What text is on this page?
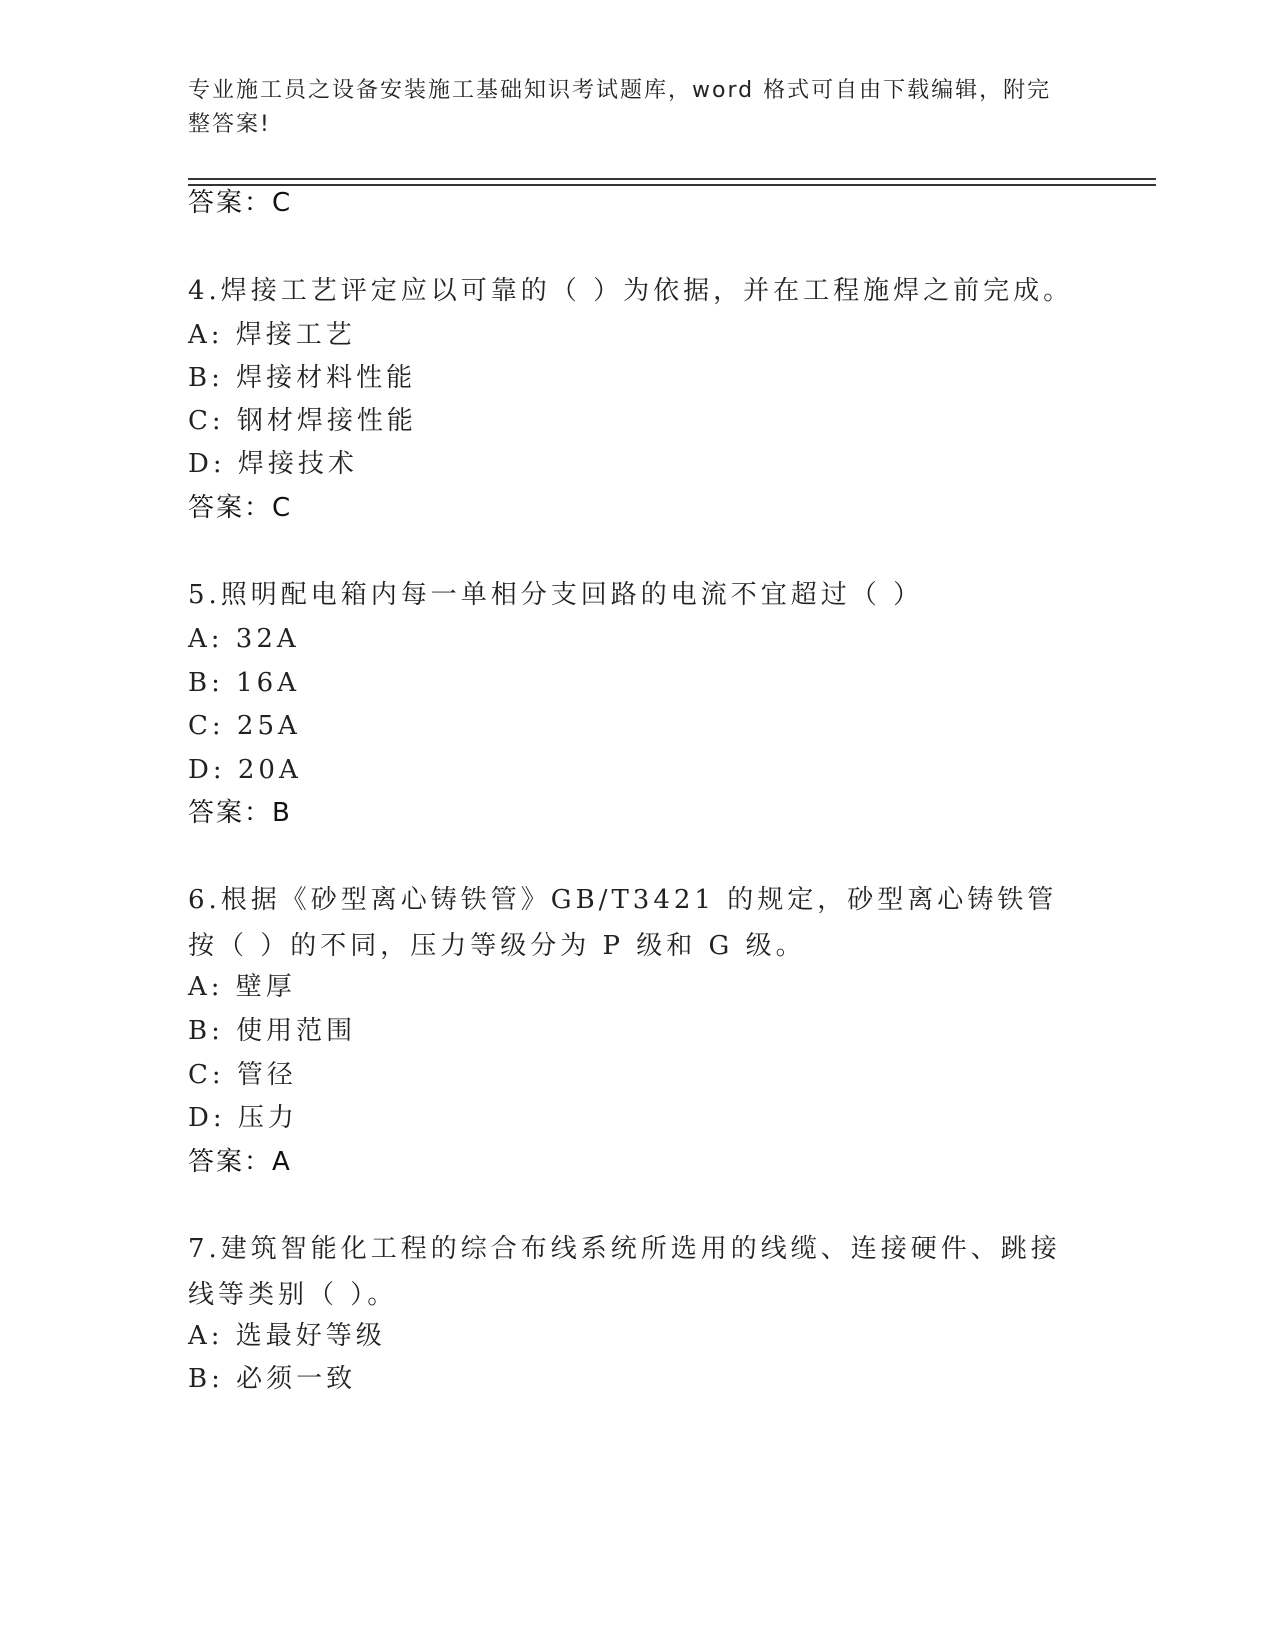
专业施工员之设备安装施工基础知识考试题库，word 格式可自由下载编辑，附完整答案!
答案：C
4.焊接工艺评定应以可靠的（ ）为依据，并在工程施焊之前完成。
A: 焊接工艺
B: 焊接材料性能
C: 钢材焊接性能
D: 焊接技术
答案：C
5.照明配电箱内每一单相分支回路的电流不宜超过（ ）
A: 32A
B: 16A
C: 25A
D: 20A
答案：B
6.根据《砂型离心铸铁管》GB/T3421 的规定，砂型离心铸铁管按（ ）的不同，压力等级分为 P 级和 G 级。
A: 壁厚
B: 使用范围
C: 管径
D: 压力
答案：A
7.建筑智能化工程的综合布线系统所选用的线缆、连接硬件、跳接线等类别（ ）。
A: 选最好等级
B: 必须一致
